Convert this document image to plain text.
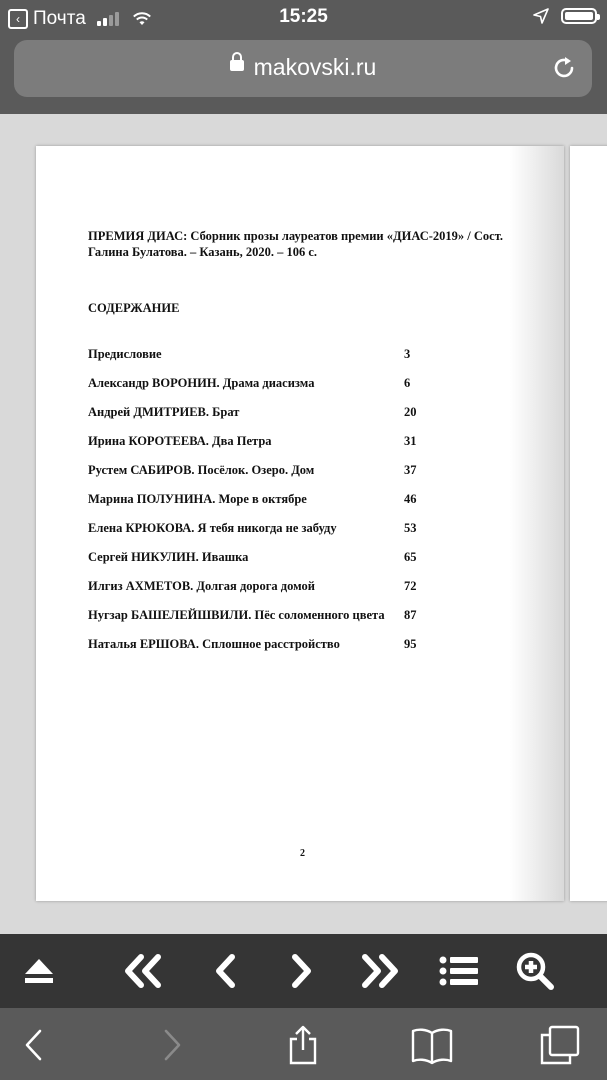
‹ Почта	15:25
makovski.ru
ПРЕМИЯ ДИАС: Сборник прозы лауреатов премии «ДИАС-2019» / Сост. Галина Булатова. – Казань, 2020. – 106 с.
СОДЕРЖАНИЕ
Предисловие	3
Александр ВОРОНИН. Драма диасизма	6
Андрей ДМИТРИЕВ. Брат	20
Ирина КОРОТЕЕВА. Два Петра	31
Рустем САБИРОВ. Посёлок. Озеро. Дом	37
Марина ПОЛУНИНА. Море в октябре	46
Елена КРЮКОВА. Я тебя никогда не забуду	53
Сергей НИКУЛИН. Ивашка	65
Илгиз АХМЕТОВ. Долгая дорога домой	72
Нугзар БАШЕЛЕЙШВИЛИ. Пёс соломенного цвета	87
Наталья ЕРШОВА. Сплошное расстройство	95
2
